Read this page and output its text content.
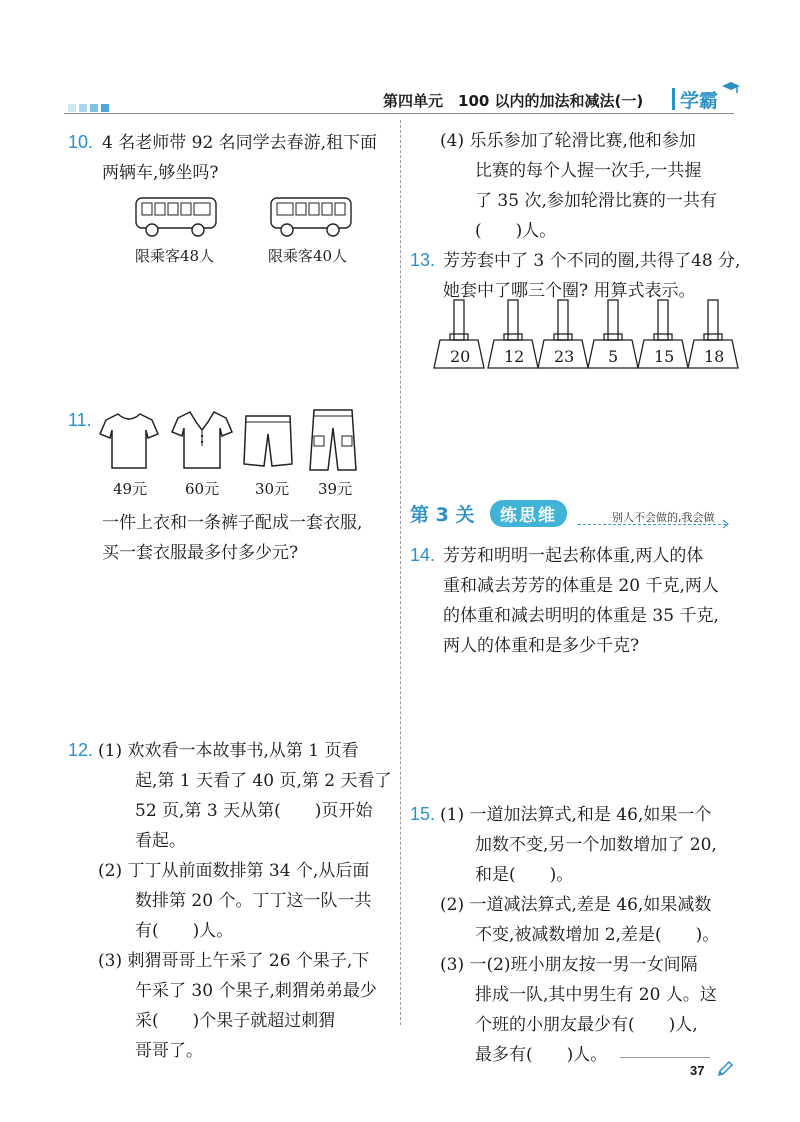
第四单元　100 以内的加法和减法(一) 学霸
10. 4 名老师带 92 名同学去春游,租下面
两辆车,够坐吗?
限乘客48人	限乘客40人
11.
49元	60元 30元 39元
一件上衣和一条裤子配成一套衣服,
买一套衣服最多付多少元?
12. (1) 欢欢看一本故事书,从第 1 页看
起,第 1 天看了 40 页,第 2 天看了
52 页,第 3 天从第(　　)页开始
看起。
(2) 丁丁从前面数排第 34 个,从后面
数排第 20 个。丁丁这一队一共
有(　　)人。
(3) 刺猬哥哥上午采了 26 个果子,下
午采了 30 个果子,刺猬弟弟最少
采(　　)个果子就超过刺猬
哥哥了。
(4) 乐乐参加了轮滑比赛,他和参加
比赛的每个人握一次手,一共握
了 35 次,参加轮滑比赛的一共有
(　　)人。
13. 芳芳套中了 3 个不同的圈,共得了48 分,
她套中了哪三个圈? 用算式表示。
20 12 23 5 15 18
第 3 关	练思维	别人不会做的,我会做
14. 芳芳和明明一起去称体重,两人的体
重和减去芳芳的体重是 20 千克,两人
的体重和减去明明的体重是 35 千克,
两人的体重和是多少千克?
15. (1) 一道加法算式,和是 46,如果一个
加数不变,另一个加数增加了 20,
和是(　　)。
(2) 一道减法算式,差是 46,如果减数
不变,被减数增加 2,差是(　　)。
(3) 一(2)班小朋友按一男一女间隔
排成一队,其中男生有 20 人。这
个班的小朋友最少有(　　)人,
最多有(　　)人。
37
